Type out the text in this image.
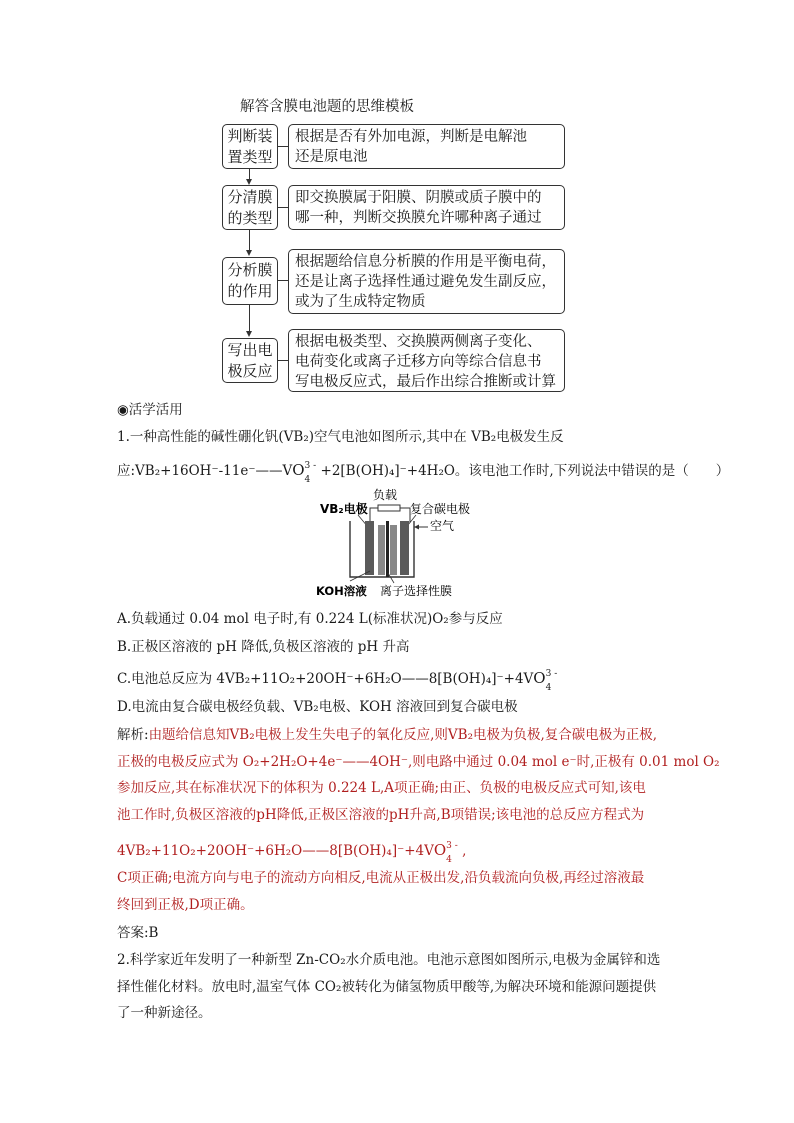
解答含膜电池题的思维模板
判断装
置类型
根据是否有外加电源，判断是电解池
还是原电池
分清膜
的类型
即交换膜属于阳膜、阴膜或质子膜中的
哪一种，判断交换膜允许哪种离子通过
分析膜
的作用
根据题给信息分析膜的作用是平衡电荷，
还是让离子选择性通过避免发生副反应，
或为了生成特定物质
写出电
极反应
根据电极类型、交换膜两侧离子变化、
电荷变化或离子迁移方向等综合信息书
写电极反应式，最后作出综合推断或计算
◉活学活用
1.一种高性能的碱性硼化钒(VB₂)空气电池如图所示,其中在 VB₂电极发生反
应:VB₂+16OH⁻-11e⁻——VO 3 -
4
+2[B(OH)₄]⁻+4H₂O。该电池工作时,下列说法中错误的是（　　）
负载
VB₂电极	复合碳电极
空气
KOH溶液 离子选择性膜
A.负载通过 0.04 mol 电子时,有 0.224 L(标准状况)O₂参与反应
B.正极区溶液的 pH 降低,负极区溶液的 pH 升高
C.电池总反应为 4VB₂+11O₂+20OH⁻+6H₂O——8[B(OH)₄]⁻+4VO 3 -
4
D.电流由复合碳电极经负载、VB₂电极、KOH 溶液回到复合碳电极
解析:由题给信息知VB₂电极上发生失电子的氧化反应,则VB₂电极为负极,复合碳电极为正极,
正极的电极反应式为 O₂+2H₂O+4e⁻——4OH⁻,则电路中通过 0.04 mol e⁻时,正极有 0.01 mol O₂
参加反应,其在标准状况下的体积为 0.224 L,A项正确;由正、负极的电极反应式可知,该电
池工作时,负极区溶液的pH降低,正极区溶液的pH升高,B项错误;该电池的总反应方程式为
4VB₂+11O₂+20OH⁻+6H₂O——8[B(OH)₄]⁻+4VO 3 -
4
,
C项正确;电流方向与电子的流动方向相反,电流从正极出发,沿负载流向负极,再经过溶液最
终回到正极,D项正确。
答案:B
2.科学家近年发明了一种新型 Zn-CO₂水介质电池。电池示意图如图所示,电极为金属锌和选
择性催化材料。放电时,温室气体 CO₂被转化为储氢物质甲酸等,为解决环境和能源问题提供
了一种新途径。
